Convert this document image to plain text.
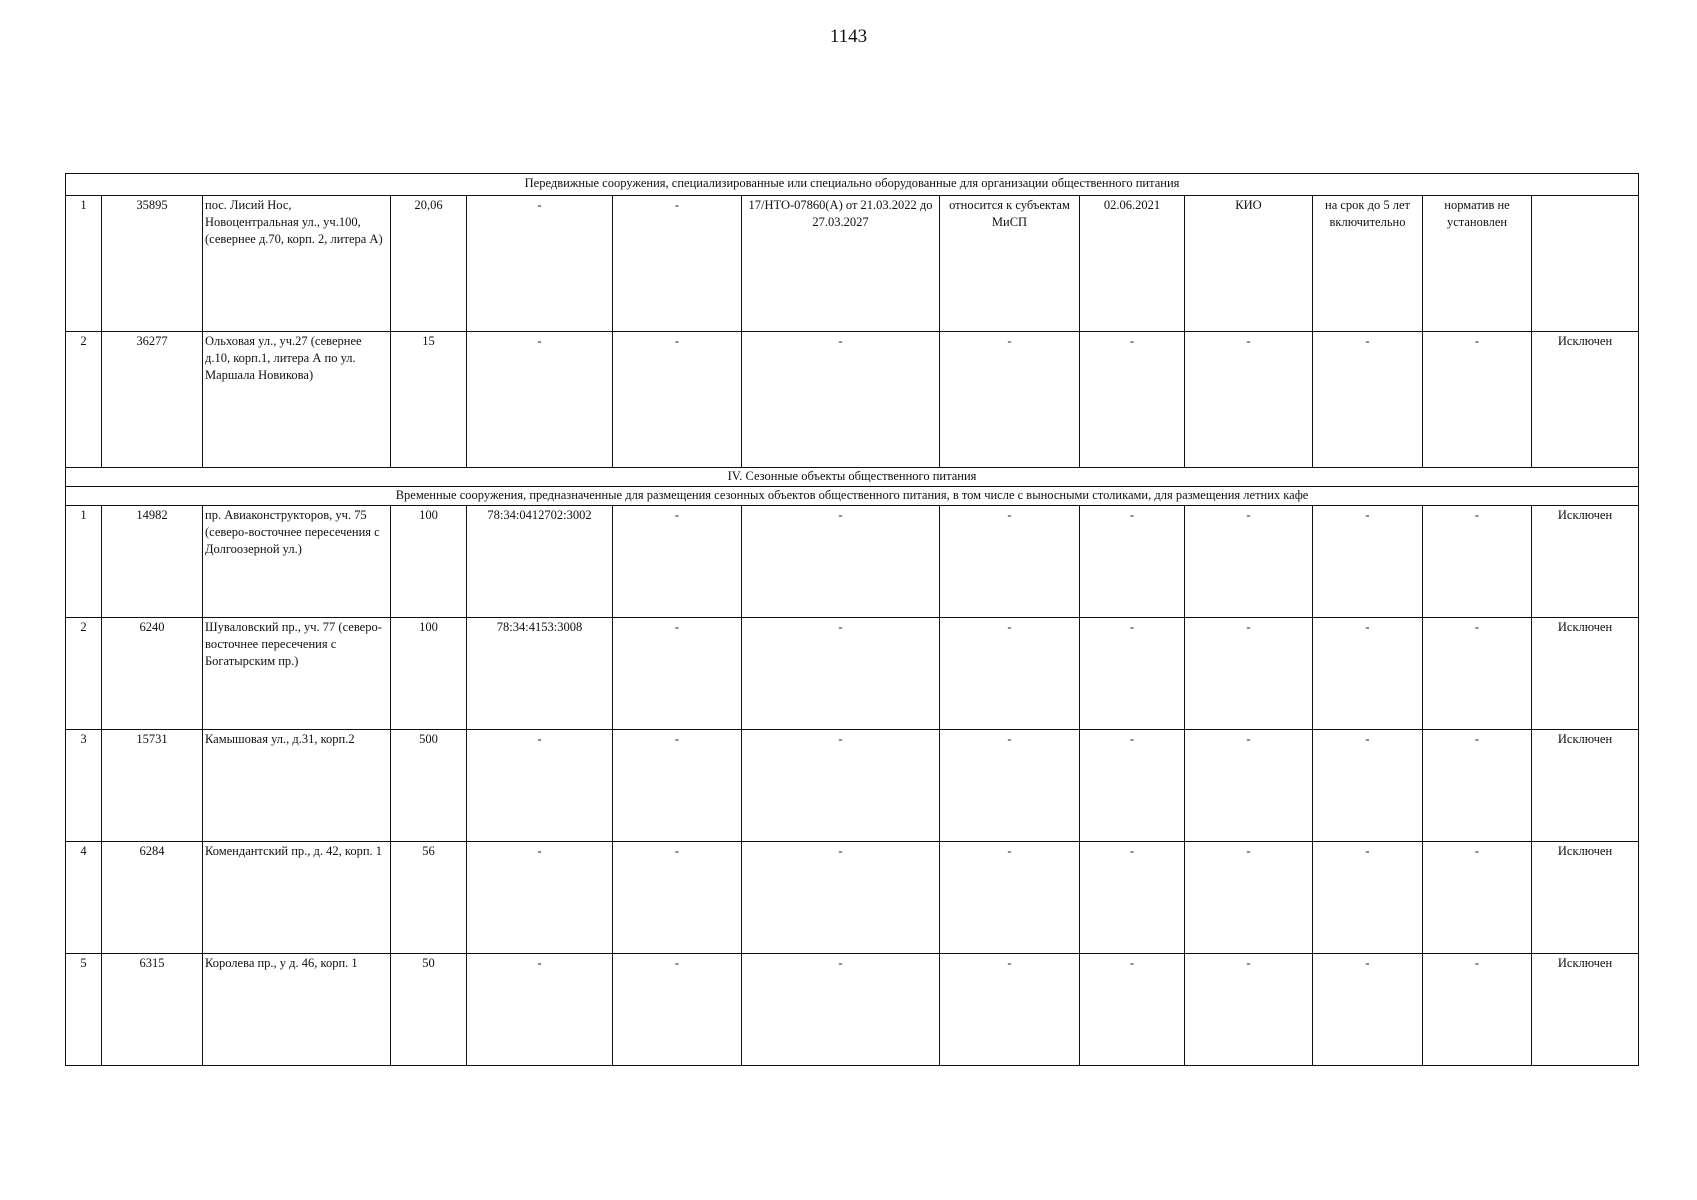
1143
Передвижные сооружения, специализированные или специально оборудованные для организации общественного питания												
1	35895	пос. Лисий Нос, Новоцентральная ул., уч.100, (севернее д.70, корп. 2, литера А)	20,06	-	-	17/НТО-07860(А) от 21.03.2022 до 27.03.2027	относится к субъектам МиСП	02.06.2021	КИО	на срок до 5 лет включительно	норматив не установлен	
2	36277	Ольховая ул., уч.27 (севернее д.10, корп.1, литера А по ул. Маршала Новикова)	15	-	-	-	-	-	-	-	-	Исключен
IV. Сезонные объекты общественного питания												
Временные сооружения, предназначенные для размещения сезонных объектов общественного питания, в том числе с выносными столиками, для размещения летних кафе												
1	14982	пр. Авиаконструкторов, уч. 75 (северо-восточнее пересечения с Долгоозерной ул.)	100	78:34:0412702:3002	-	-	-	-	-	-	-	Исключен
2	6240	Шуваловский пр., уч. 77 (северо-восточнее пересечения с Богатырским пр.)	100	78:34:4153:3008	-	-	-	-	-	-	-	Исключен
3	15731	Камышовая ул., д.31, корп.2	500	-	-	-	-	-	-	-	-	Исключен
4	6284	Комендантский пр., д. 42, корп. 1	56	-	-	-	-	-	-	-	-	Исключен
5	6315	Королева пр., у д. 46, корп. 1	50	-	-	-	-	-	-	-	-	Исключен
